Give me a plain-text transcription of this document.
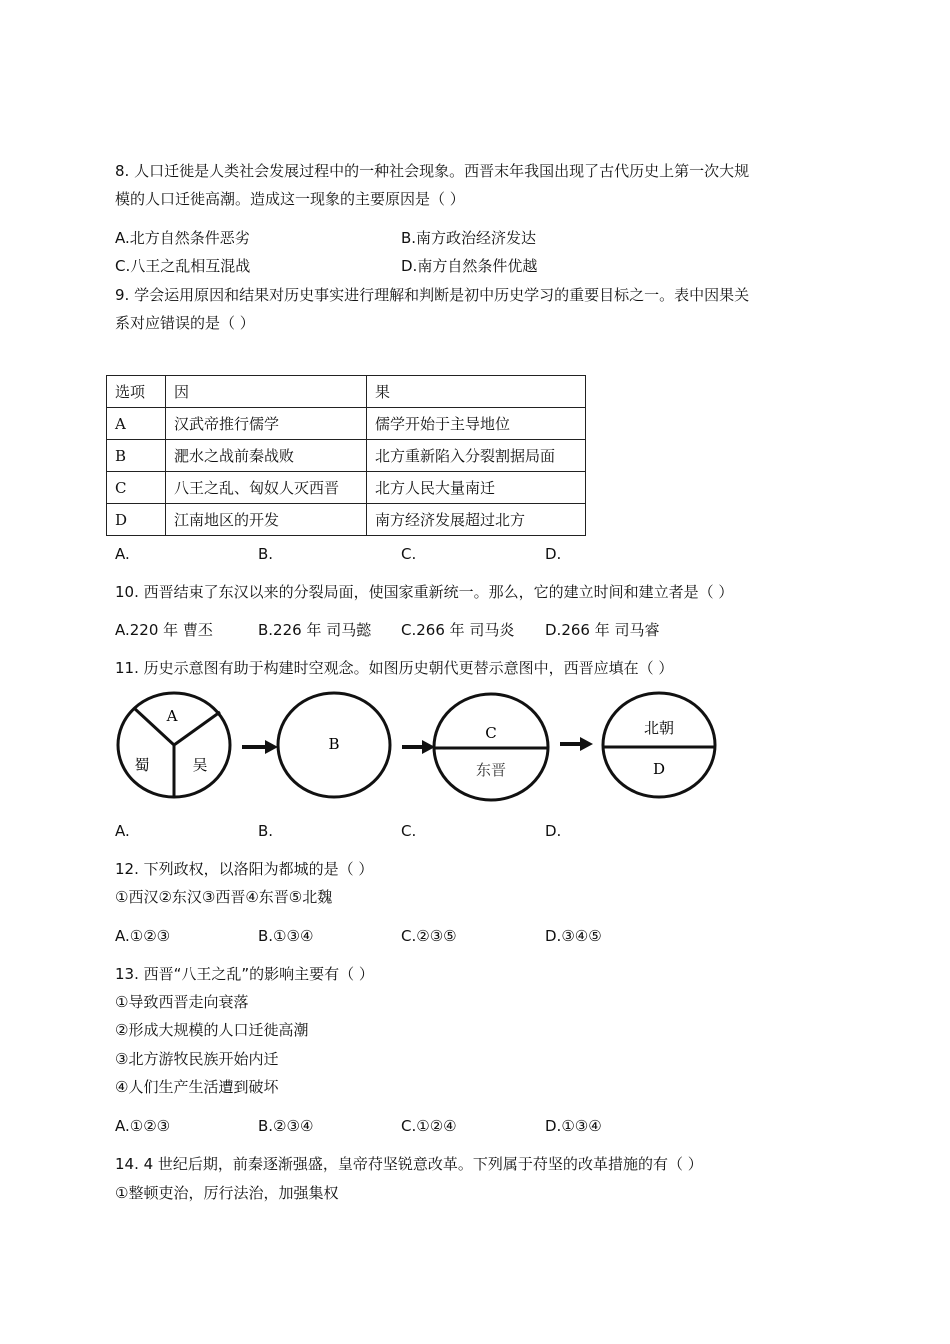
8. 人口迁徙是人类社会发展过程中的一种社会现象。西晋末年我国出现了古代历史上第一次大规
模的人口迁徙高潮。造成这一现象的主要原因是（ ）
A.北方自然条件恶劣	B.南方政治经济发达
C.八王之乱相互混战	D.南方自然条件优越
9. 学会运用原因和结果对历史事实进行理解和判断是初中历史学习的重要目标之一。表中因果关
系对应错误的是（ ）
选项	因	果
A	汉武帝推行儒学	儒学开始于主导地位
B	淝水之战前秦战败	北方重新陷入分裂割据局面
C	八王之乱、匈奴人灭西晋	北方人民大量南迁
D	江南地区的开发	南方经济发展超过北方
A.	B.	C.	D.
10. 西晋结束了东汉以来的分裂局面，使国家重新统一。那么，它的建立时间和建立者是（ ）
A.220 年 曹丕	B.226 年 司马懿 C.266 年 司马炎 D.266 年 司马睿
11. 历史示意图有助于构建时空观念。如图历史朝代更替示意图中，西晋应填在（ ）
A
蜀	吴
B
C
东晋
北朝
D
A.	B.	C.	D.
12. 下列政权，以洛阳为都城的是（ ）
①西汉②东汉③西晋④东晋⑤北魏
A.①②③	B.①③④	C.②③⑤	D.③④⑤
13. 西晋“八王之乱”的影响主要有（ ）
①导致西晋走向衰落
②形成大规模的人口迁徙高潮
③北方游牧民族开始内迁
④人们生产生活遭到破坏
A.①②③	B.②③④	C.①②④	D.①③④
14. 4 世纪后期，前秦逐渐强盛，皇帝苻坚锐意改革。下列属于苻坚的改革措施的有（ ）
①整顿吏治，厉行法治，加强集权
